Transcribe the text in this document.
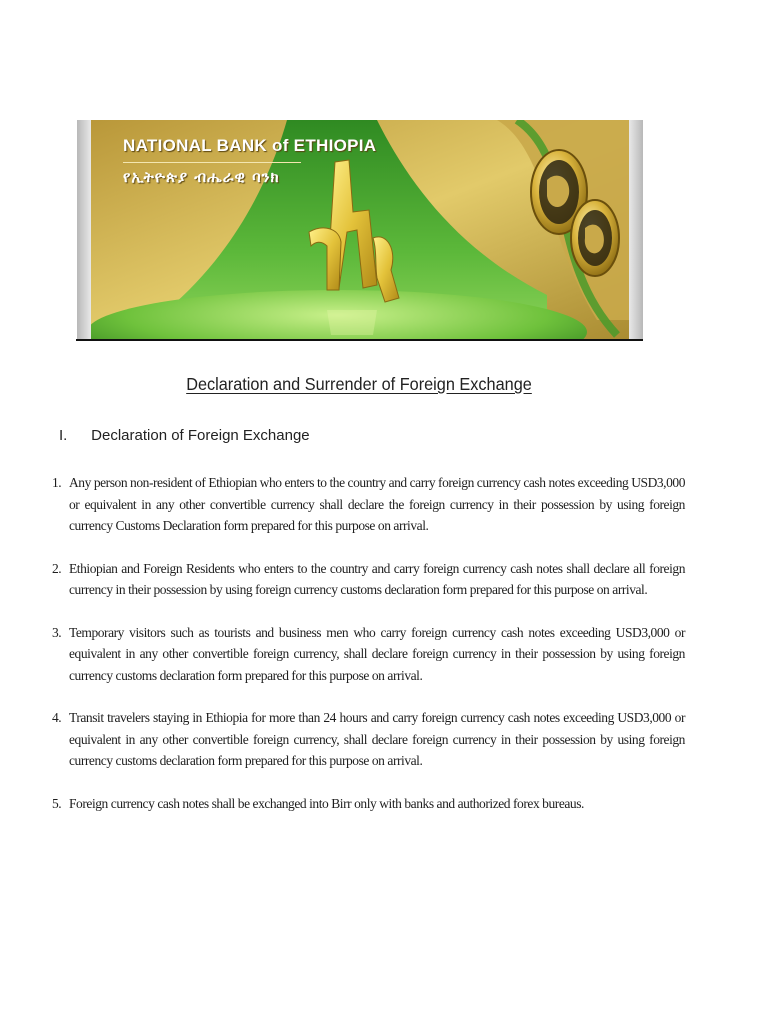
NATIONAL BANK of ETHIOPIA
የኢትዮጵያ ብሔራዊ ባንክ
Declaration and Surrender of Foreign Exchange
I. Declaration of Foreign Exchange
1. Any person non-resident of Ethiopian who enters to the country and carry foreign currency cash notes exceeding USD3,000 or equivalent in any other convertible currency shall declare the foreign currency in their possession by using foreign currency Customs Declaration form prepared for this purpose on arrival.
2. Ethiopian and Foreign Residents who enters to the country and carry foreign currency cash notes shall declare all foreign currency in their possession by using foreign currency customs declaration form prepared for this purpose on arrival.
3. Temporary visitors such as tourists and business men who carry foreign currency cash notes exceeding USD3,000 or equivalent in any other convertible foreign currency, shall declare foreign currency in their possession by using foreign currency customs declaration form prepared for this purpose on arrival.
4. Transit travelers staying in Ethiopia for more than 24 hours and carry foreign currency cash notes exceeding USD3,000 or equivalent in any other convertible foreign currency, shall declare foreign currency in their possession by using foreign currency customs declaration form prepared for this purpose on arrival.
5. Foreign currency cash notes shall be exchanged into Birr only with banks and authorized forex bureaus.
